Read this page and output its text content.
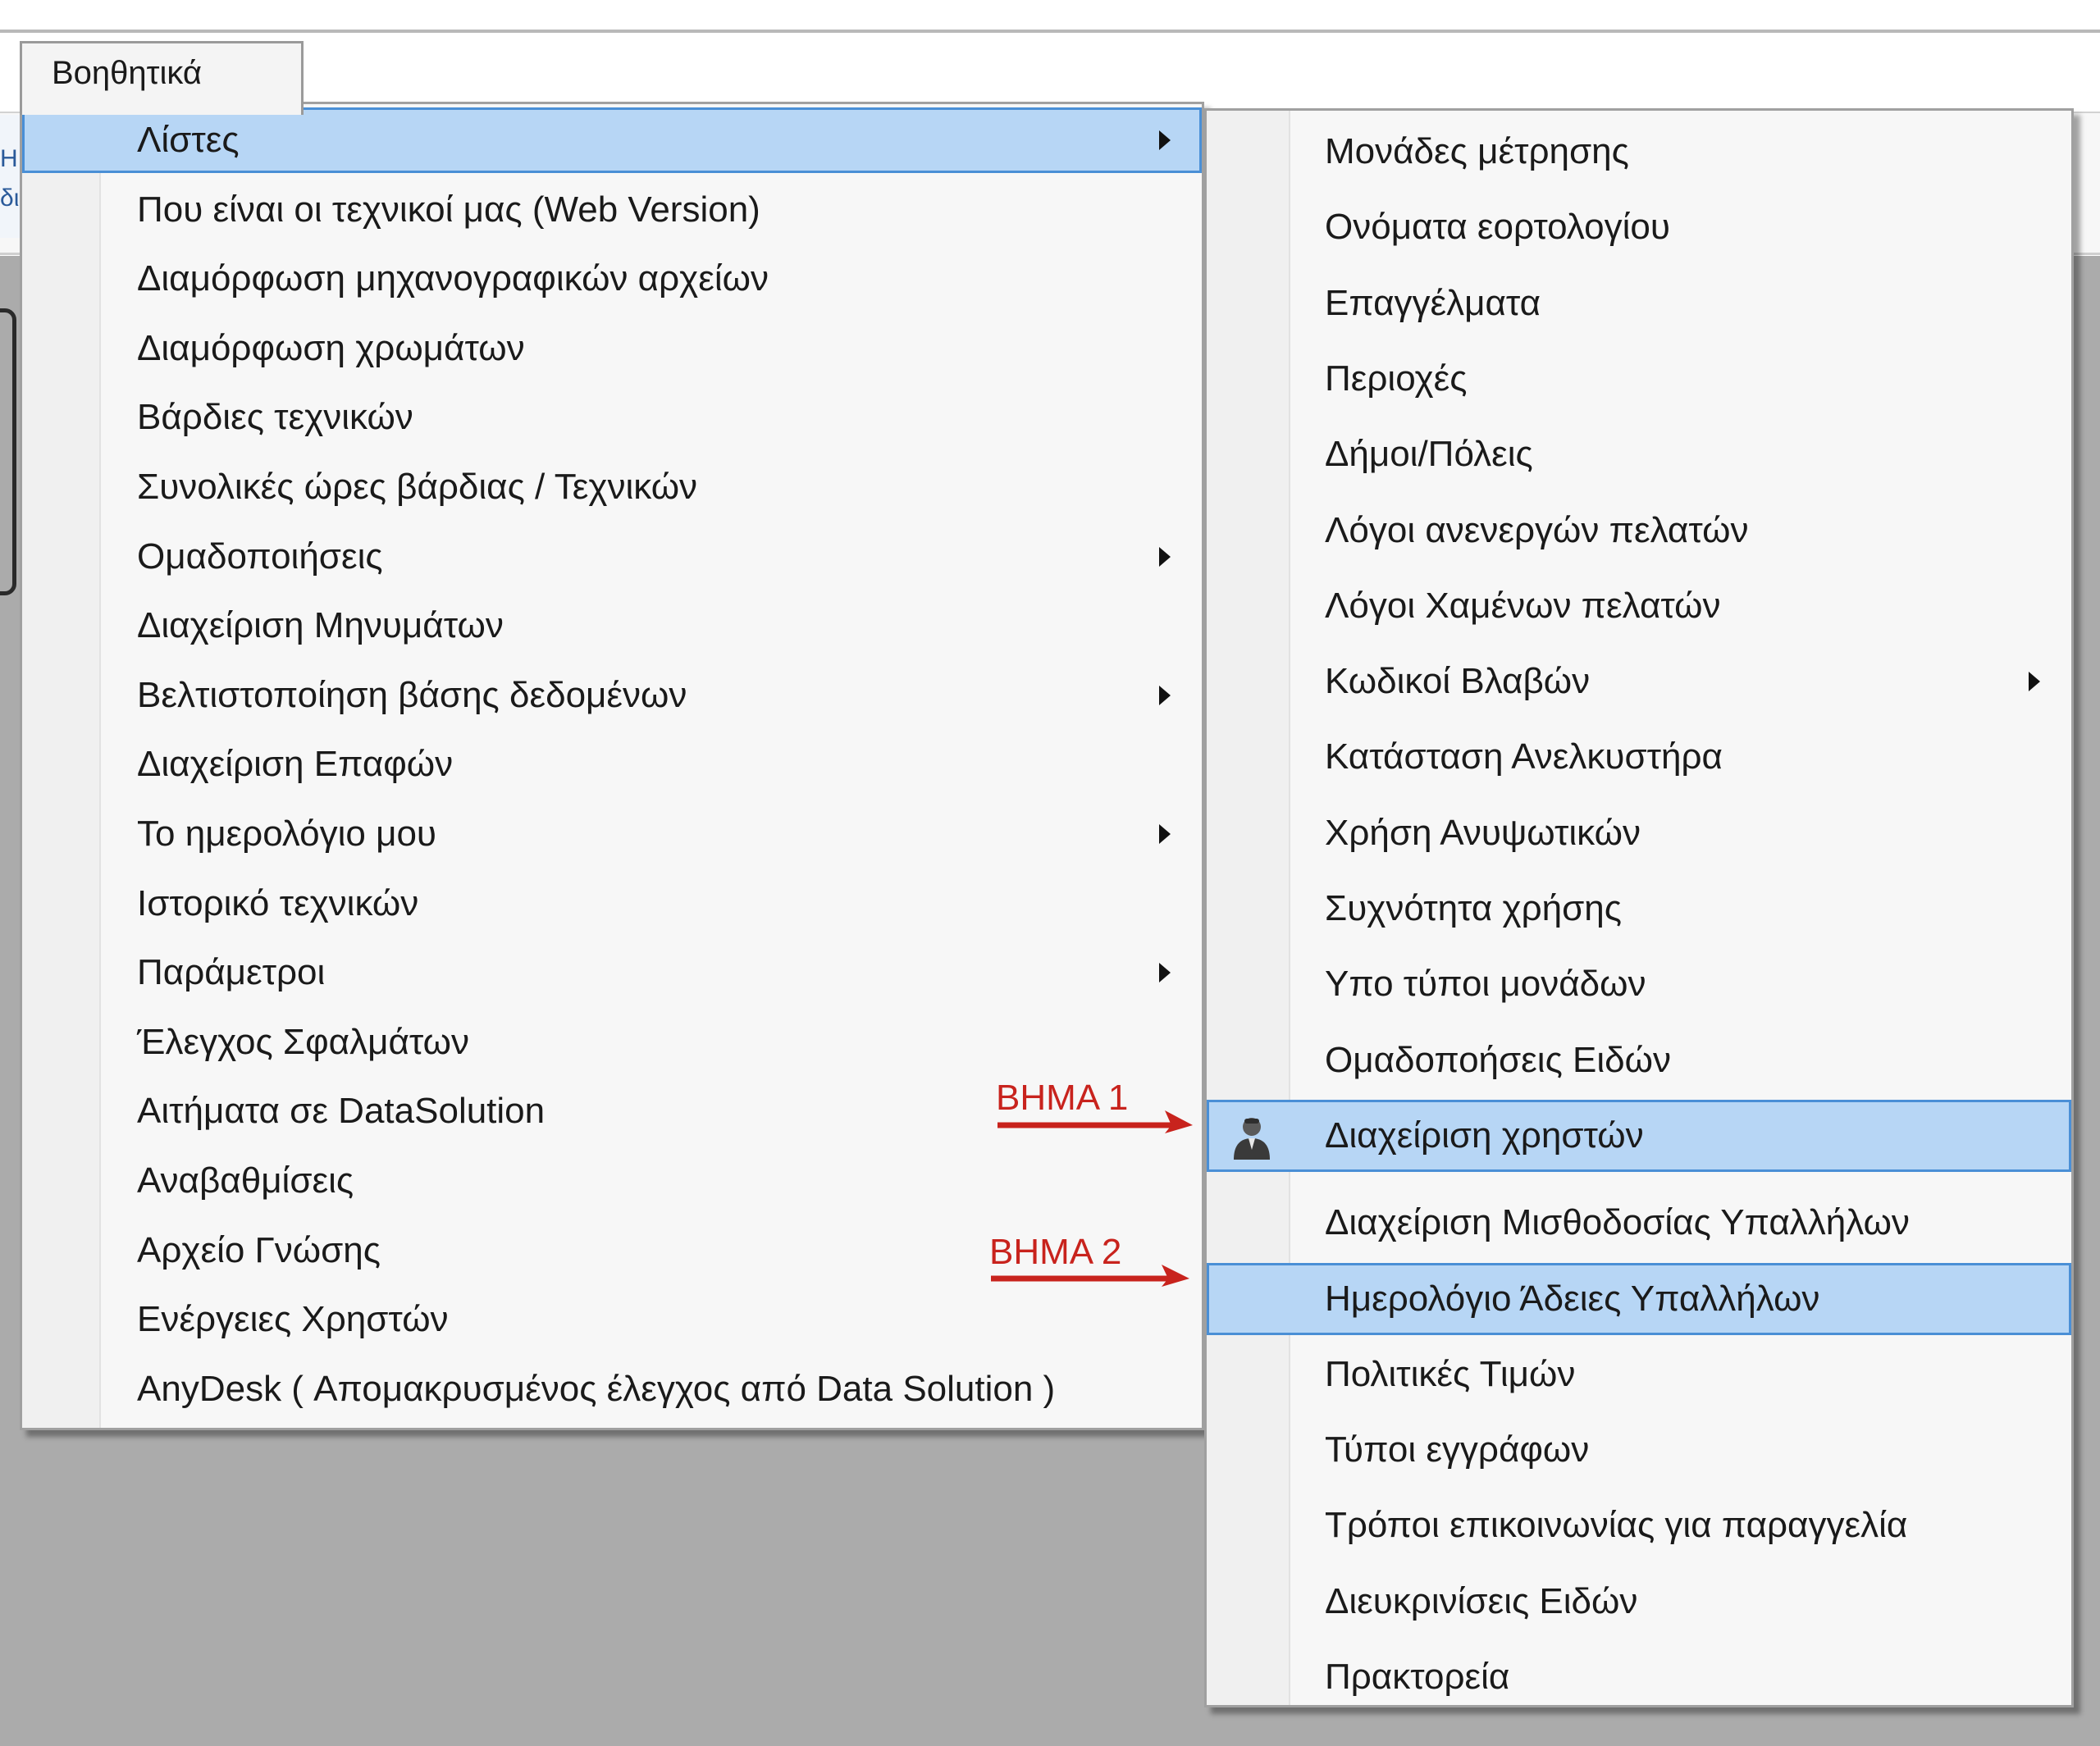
Η
δι
Βοηθητικά
Λίστες
Που είναι οι τεχνικοί μας (Web Version)
Διαμόρφωση μηχανογραφικών αρχείων
Διαμόρφωση χρωμάτων
Βάρδιες τεχνικών
Συνολικές ώρες βάρδιας / Τεχνικών
Ομαδοποιήσεις
Διαχείριση Μηνυμάτων
Βελτιστοποίηση βάσης δεδομένων
Διαχείριση Επαφών
Το ημερολόγιο μου
Ιστορικό τεχνικών
Παράμετροι
Έλεγχος Σφαλμάτων
Αιτήματα σε DataSolution
Αναβαθμίσεις
Αρχείο Γνώσης
Ενέργειες Χρηστών
AnyDesk ( Απομακρυσμένος έλεγχος από Data Solution )
Μονάδες μέτρησης
Ονόματα εορτολογίου
Επαγγέλματα
Περιοχές
Δήμοι/Πόλεις
Λόγοι ανενεργών πελατών
Λόγοι Χαμένων πελατών
Κωδικοί Βλαβών
Κατάσταση Ανελκυστήρα
Χρήση Ανυψωτικών
Συχνότητα χρήσης
Υπο τύποι μονάδων
Ομαδοποήσεις Ειδών
Διαχείριση χρηστών
Διαχείριση Μισθοδοσίας Υπαλλήλων
Ημερολόγιο Άδειες Υπαλλήλων
Πολιτικές Τιμών
Τύποι εγγράφων
Τρόποι επικοινωνίας για παραγγελία
Διευκρινίσεις Ειδών
Πρακτορεία
ΒΗΜΑ 1
ΒΗΜΑ 2
